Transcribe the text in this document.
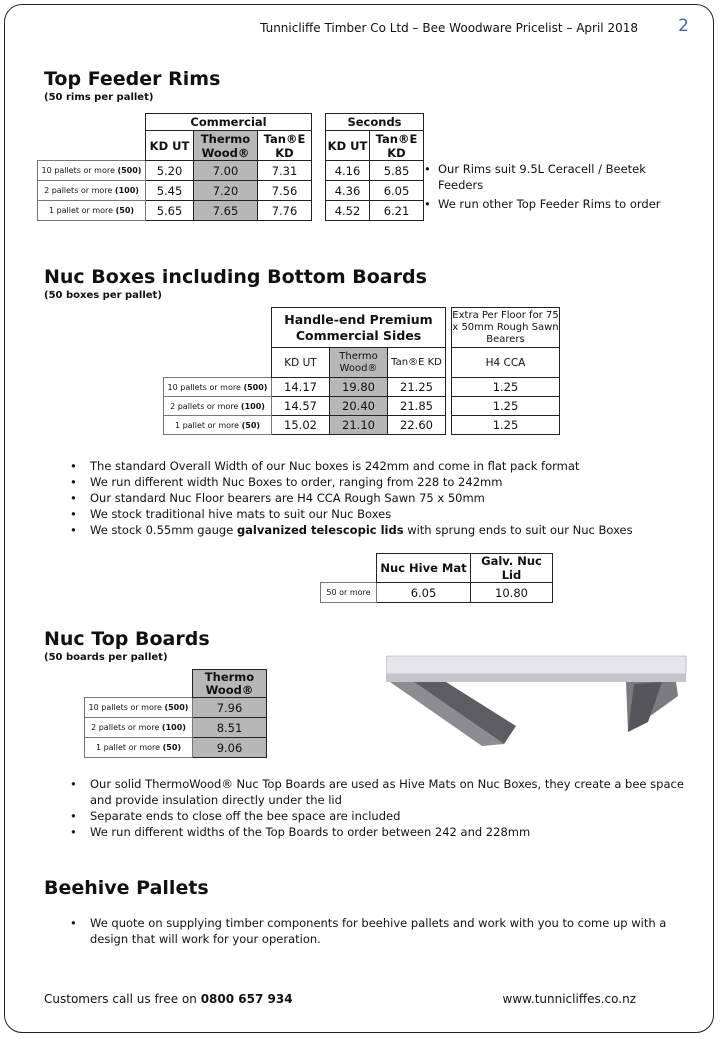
Tunnicliffe Timber Co Ltd – Bee Woodware Pricelist – April 2018 2
Top Feeder Rims
(50 rims per pallet)
	Commercial				Seconds	
	KD UT	Thermo Wood®	Tan®E KD		KD UT	Tan®E KD
10 pallets or more (500)	5.20	7.00	7.31		4.16	5.85
2 pallets or more (100)	5.45	7.20	7.56		4.36	6.05
1 pallet or more (50)	5.65	7.65	7.76		4.52	6.21
• Our Rims suit 9.5L Ceracell / Beetek Feeders
• We run other Top Feeder Rims to order
Nuc Boxes including Bottom Boards
(50 boxes per pallet)
	Handle-end Premium Commercial Sides				Extra Per Floor for 75 x 50mm Rough Sawn Bearers
	KD UT	Thermo Wood®	Tan®E KD		H4 CCA
10 pallets or more (500)	14.17	19.80	21.25		1.25
2 pallets or more (100)	14.57	20.40	21.85		1.25
1 pallet or more (50)	15.02	21.10	22.60		1.25
• The standard Overall Width of our Nuc boxes is 242mm and come in flat pack format
• We run different width Nuc Boxes to order, ranging from 228 to 242mm
• Our standard Nuc Floor bearers are H4 CCA Rough Sawn 75 x 50mm
• We stock traditional hive mats to suit our Nuc Boxes
• We stock 0.55mm gauge galvanized telescopic lids with sprung ends to suit our Nuc Boxes
	Nuc Hive Mat	Galv. Nuc Lid
50 or more	6.05	10.80
Nuc Top Boards
(50 boards per pallet)
	Thermo Wood®
10 pallets or more (500)	7.96
2 pallets or more (100)	8.51
1 pallet or more (50)	9.06
• Our solid ThermoWood® Nuc Top Boards are used as Hive Mats on Nuc Boxes, they create a bee space and provide insulation directly under the lid
• Separate ends to close off the bee space are included
• We run different widths of the Top Boards to order between 242 and 228mm
Beehive Pallets
• We quote on supplying timber components for beehive pallets and work with you to come up with a design that will work for your operation.
Customers call us free on 0800 657 934	www.tunnicliffes.co.nz
